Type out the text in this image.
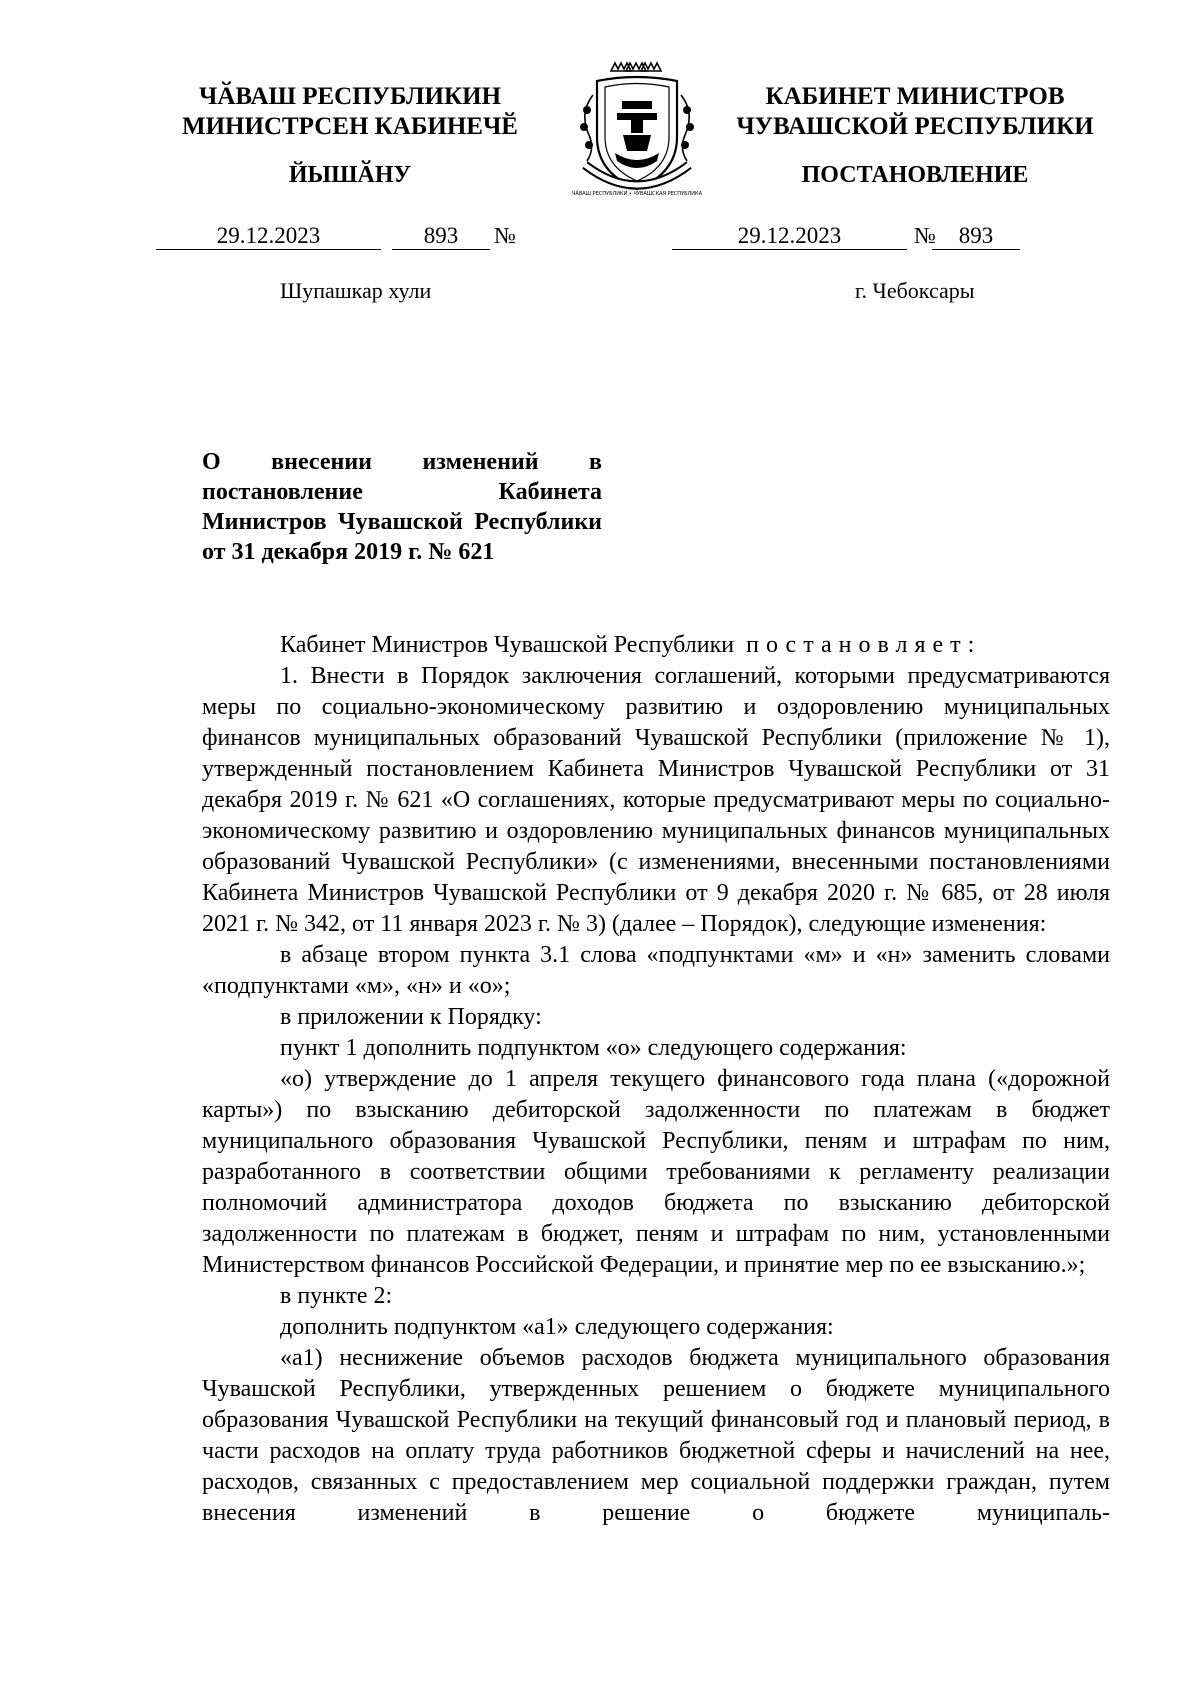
ЧӐВАШ РЕСПУБЛИКИН
МИНИСТРСЕН КАБИНЕЧӖ
ЙЫШӐНУ
ЧӐВАШ РЕСПУБЛИКИ • ЧУВАШСКАЯ РЕСПУБЛИКА
КАБИНЕТ МИНИСТРОВ
ЧУВАШСКОЙ РЕСПУБЛИКИ
ПОСТАНОВЛЕНИЕ
29.12.2023	893	№	29.12.2023	№ 893
Шупашкар хули	г. Чебоксары
О внесении изменений в постановление Кабинета Министров Чувашской Республики от 31 декабря 2019 г. № 621

Кабинет Министров Чувашской Республики постановляет:

1. Внести в Порядок заключения соглашений, которыми предусматриваются меры по социально-экономическому развитию и оздоровлению муниципальных финансов муниципальных образований Чувашской Республики (приложение № 1), утвержденный постановлением Кабинета Министров Чувашской Республики от 31 декабря 2019 г. № 621 «О соглашениях, которые предусматривают меры по социально-экономическому развитию и оздоровлению муниципальных финансов муниципальных образований Чувашской Республики» (с изменениями, внесенными постановлениями Кабинета Министров Чувашской Республики от 9 декабря 2020 г. № 685, от 28 июля 2021 г. № 342, от 11 января 2023 г. № 3) (далее – Порядок), следующие изменения:

в абзаце втором пункта 3.1 слова «подпунктами «м» и «н» заменить словами «подпунктами «м», «н» и «о»;

в приложении к Порядку:

пункт 1 дополнить подпунктом «о» следующего содержания:

«о) утверждение до 1 апреля текущего финансового года плана («дорожной карты») по взысканию дебиторской задолженности по платежам в бюджет муниципального образования Чувашской Республики, пеням и штрафам по ним, разработанного в соответствии общими требованиями к регламенту реализации полномочий администратора доходов бюджета по взысканию дебиторской задолженности по платежам в бюджет, пеням и штрафам по ним, установленными Министерством финансов Российской Федерации, и принятие мер по ее взысканию.»;

в пункте 2:

дополнить подпунктом «а1» следующего содержания:

«а1) неснижение объемов расходов бюджета муниципального образования Чувашской Республики, утвержденных решением о бюджете муниципального образования Чувашской Республики на текущий финансовый год и плановый период, в части расходов на оплату труда работников бюджетной сферы и начислений на нее, расходов, связанных с предоставлением мер социальной поддержки граждан, путем внесения изменений в решение о бюджете муниципаль-
